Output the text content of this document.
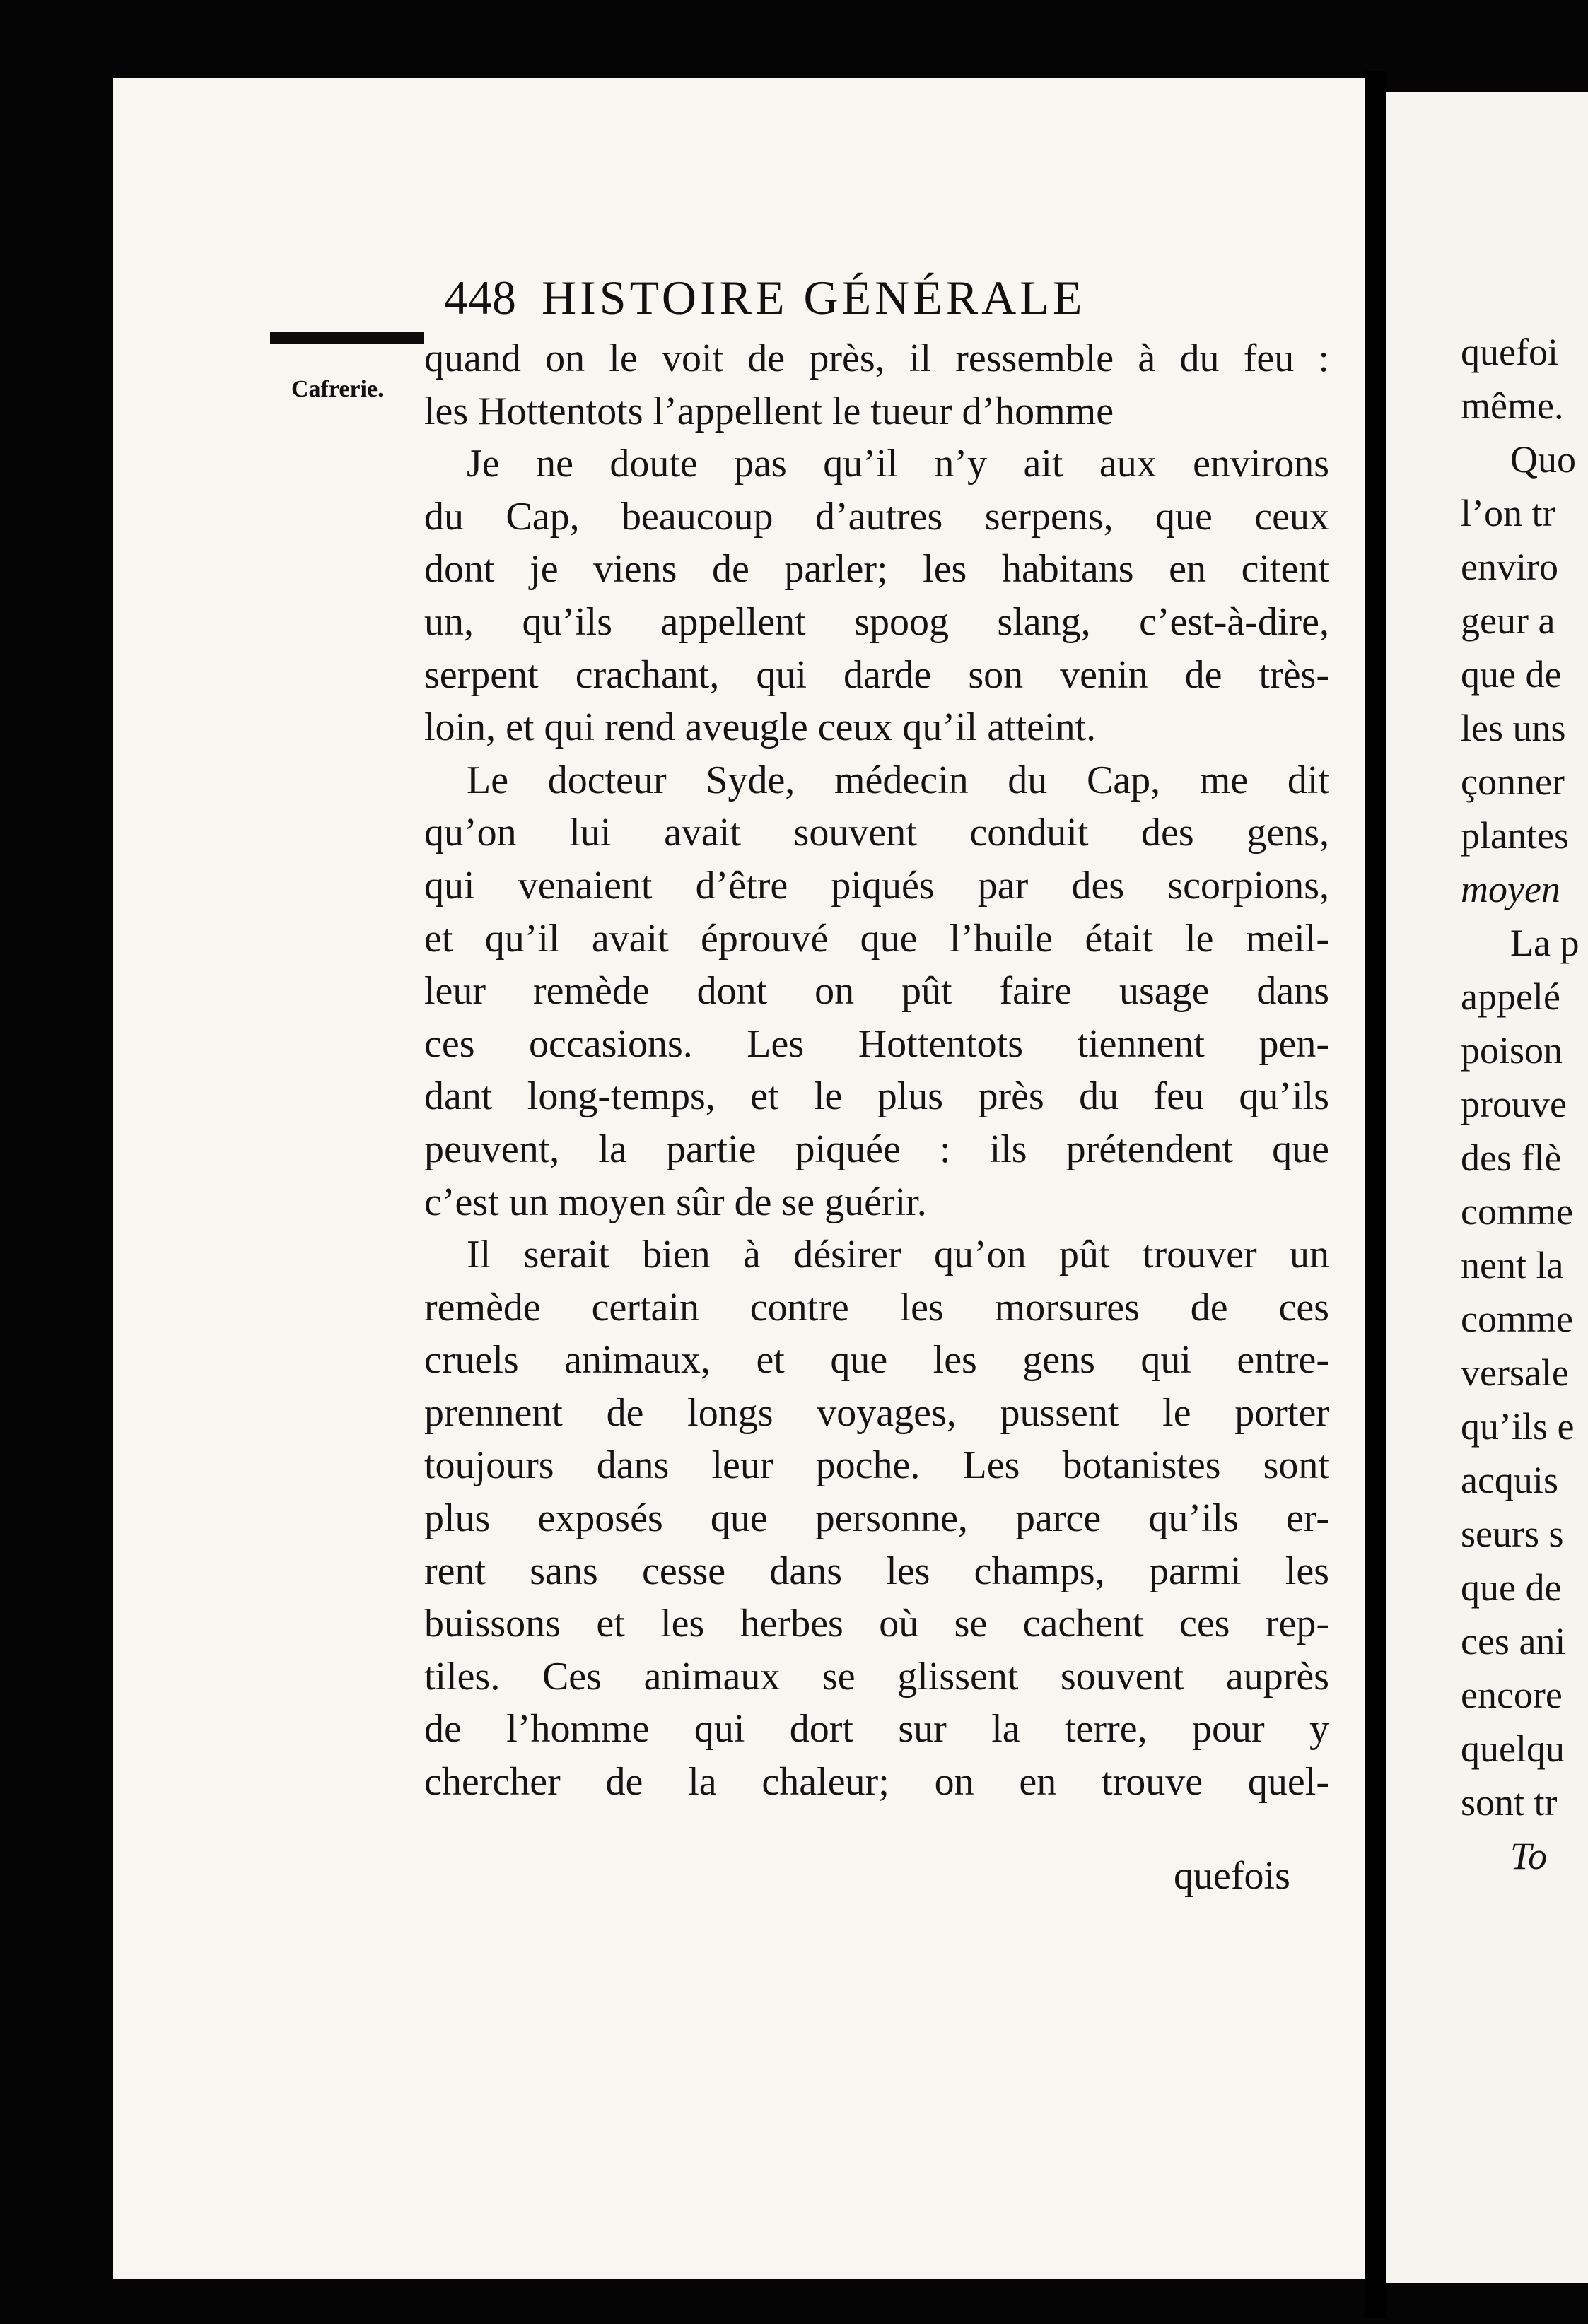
448 HISTOIRE GÉNÉRALE
Cafrerie.
quand on le voit de près, il ressemble à du feu :
les Hottentots l’appellent le tueur d’homme
Je ne doute pas qu’il n’y ait aux environs
du Cap, beaucoup d’autres serpens, que ceux
dont je viens de parler; les habitans en citent
un, qu’ils appellent spoog slang, c’est-à-dire,
serpent crachant, qui darde son venin de très-
loin, et qui rend aveugle ceux qu’il atteint.
Le docteur Syde, médecin du Cap, me dit
qu’on lui avait souvent conduit des gens,
qui venaient d’être piqués par des scorpions,
et qu’il avait éprouvé que l’huile était le meil-
leur remède dont on pût faire usage dans
ces occasions. Les Hottentots tiennent pen-
dant long-temps, et le plus près du feu qu’ils
peuvent, la partie piquée : ils prétendent que
c’est un moyen sûr de se guérir.
Il serait bien à désirer qu’on pût trouver un
remède certain contre les morsures de ces
cruels animaux, et que les gens qui entre-
prennent de longs voyages, pussent le porter
toujours dans leur poche. Les botanistes sont
plus exposés que personne, parce qu’ils er-
rent sans cesse dans les champs, parmi les
buissons et les herbes où se cachent ces rep-
tiles. Ces animaux se glissent souvent auprès
de l’homme qui dort sur la terre, pour y
chercher de la chaleur; on en trouve quel-
quefois
quefoi
même.
Quo
l’on tr
enviro
geur a
que de
les uns
çonner
plantes
moyen
La p
appelé
poison
prouve
des flè
comme
nent la
comme
versale
qu’ils e
acquis
seurs s
que de
ces ani
encore
quelqu
sont tr
To
